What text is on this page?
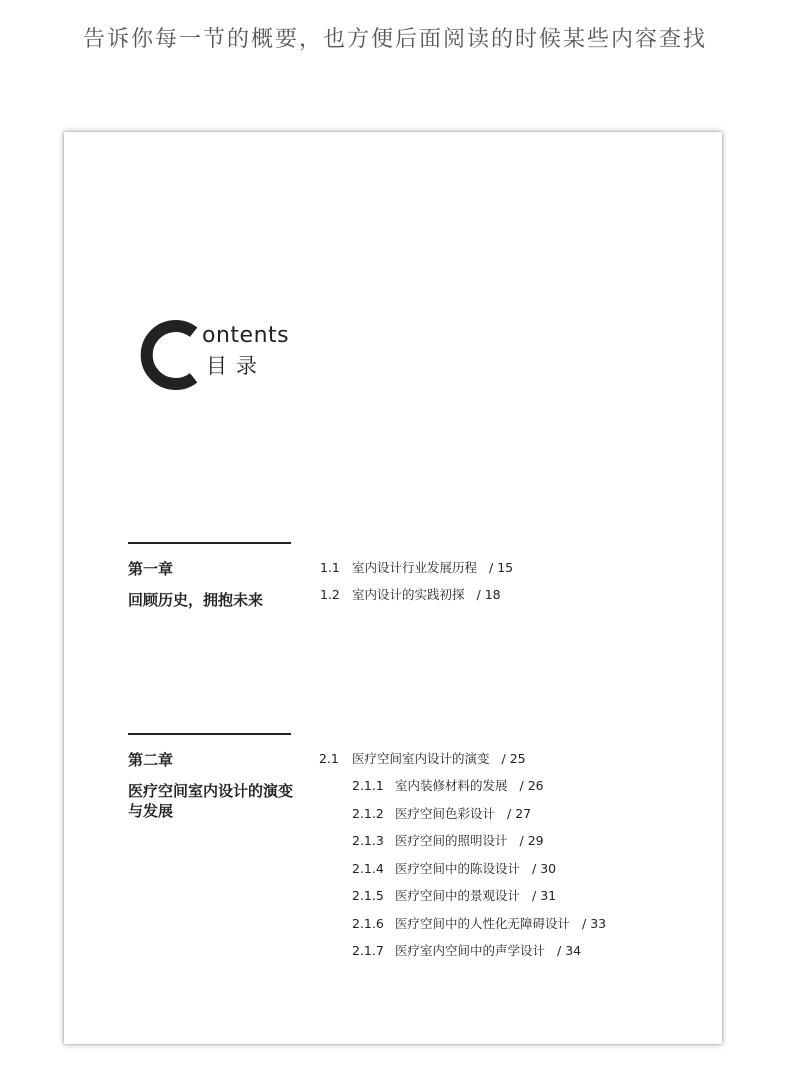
告诉你每一节的概要，也方便后面阅读的时候某些内容查找
ontents
目录
第一章
回顾历史，拥抱未来
1.1 室内设计行业发展历程 / 15
1.2 室内设计的实践初探 / 18
第二章
医疗空间室内设计的演变与发展
2.1 医疗空间室内设计的演变 / 25
2.1.1 室内装修材料的发展 / 26
2.1.2 医疗空间色彩设计 / 27
2.1.3 医疗空间的照明设计 / 29
2.1.4 医疗空间中的陈设设计 / 30
2.1.5 医疗空间中的景观设计 / 31
2.1.6 医疗空间中的人性化无障碍设计 / 33
2.1.7 医疗室内空间中的声学设计 / 34
